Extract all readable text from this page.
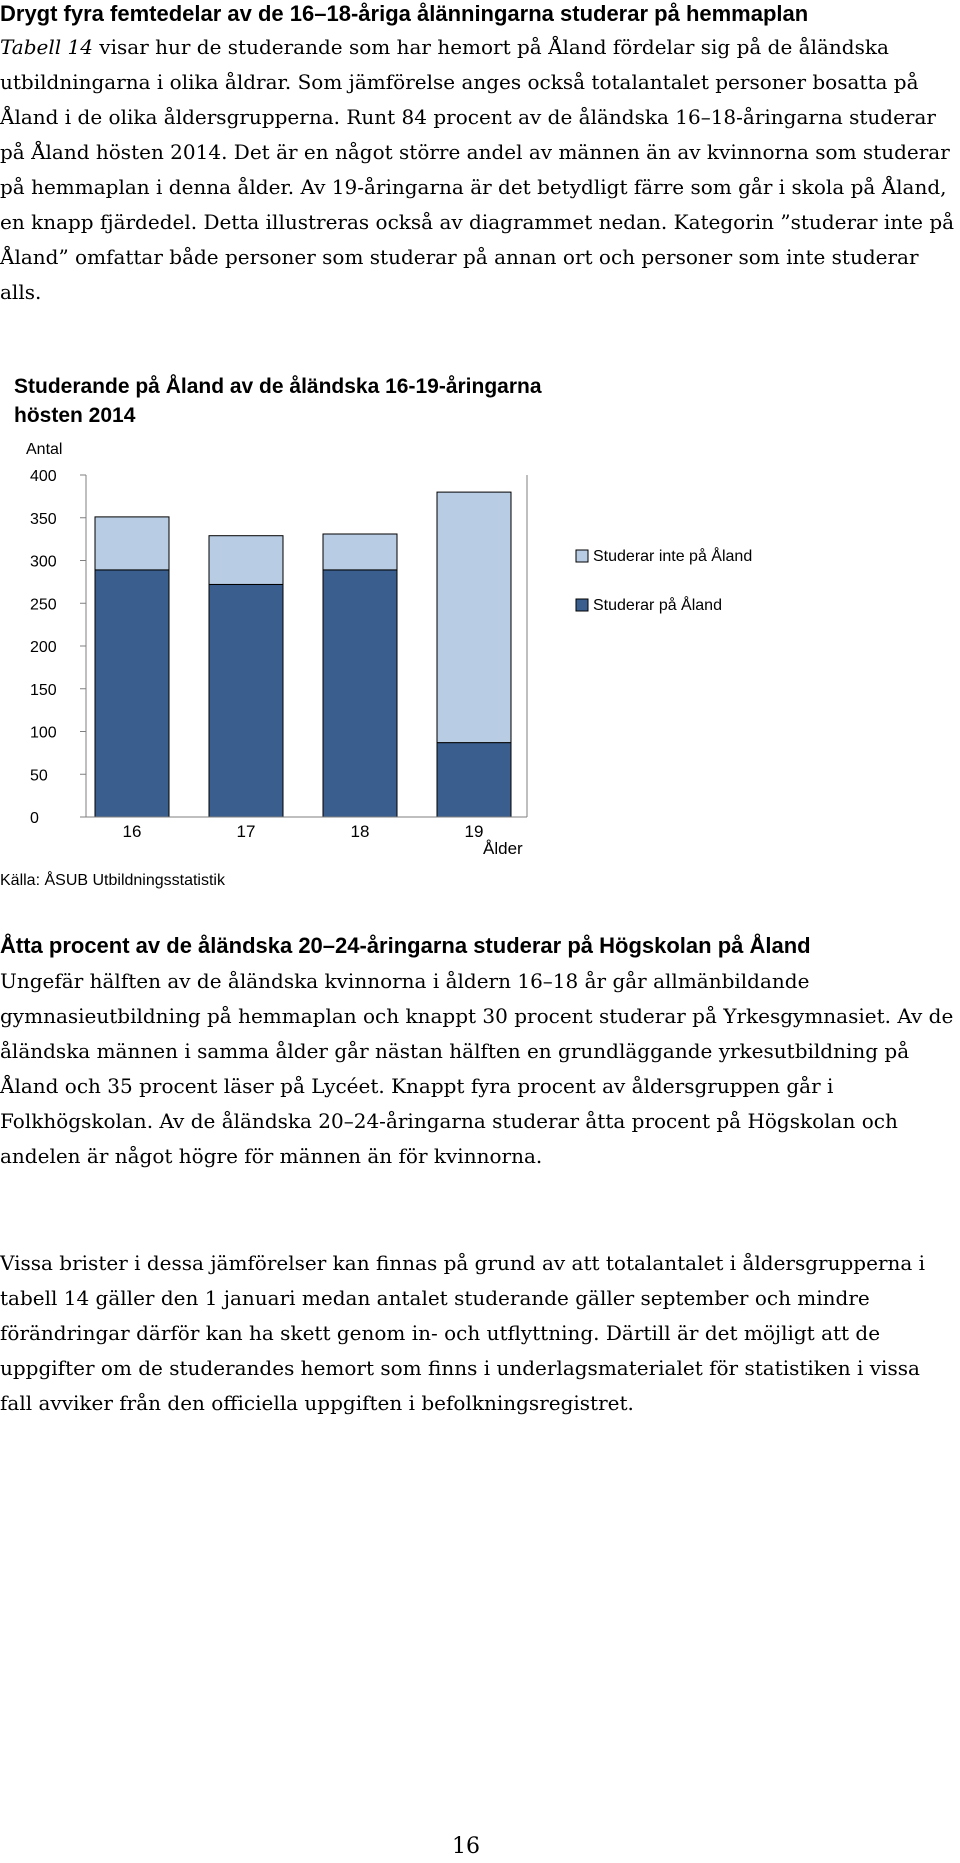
Drygt fyra femtedelar av de 16–18-åriga ålänningarna studerar på hemmaplan
Tabell 14 visar hur de studerande som har hemort på Åland fördelar sig på de åländska utbildningarna i olika åldrar. Som jämförelse anges också totalantalet personer bosatta på Åland i de olika åldersgrupperna. Runt 84 procent av de åländska 16–18-åringarna studerar på Åland hösten 2014. Det är en något större andel av männen än av kvinnorna som studerar på hemmaplan i denna ålder. Av 19-åringarna är det betydligt färre som går i skola på Åland, en knapp fjärdedel. Detta illustreras också av diagrammet nedan. Kategorin ”studerar inte på Åland” omfattar både personer som studerar på annan ort och personer som inte studerar alls.
Studerande på Åland av de åländska 16-19-åringarna hösten 2014
Antal
0
50
100
150
200
250
300
350
400
16	17	18	19
Ålder
Studerar inte på Åland
Studerar på Åland
Källa: ÅSUB Utbildningsstatistik
Åtta procent av de åländska 20–24-åringarna studerar på Högskolan på Åland
Ungefär hälften av de åländska kvinnorna i åldern 16–18 år går allmänbildande gymnasieutbildning på hemmaplan och knappt 30 procent studerar på Yrkesgymnasiet. Av de åländska männen i samma ålder går nästan hälften en grundläggande yrkesutbildning på Åland och 35 procent läser på Lycéet. Knappt fyra procent av åldersgruppen går i Folkhögskolan. Av de åländska 20–24-åringarna studerar åtta procent på Högskolan och andelen är något högre för männen än för kvinnorna.
Vissa brister i dessa jämförelser kan finnas på grund av att totalantalet i åldersgrupperna i tabell 14 gäller den 1 januari medan antalet studerande gäller september och mindre förändringar därför kan ha skett genom in- och utflyttning. Därtill är det möjligt att de uppgifter om de studerandes hemort som finns i underlagsmaterialet för statistiken i vissa fall avviker från den officiella uppgiften i befolkningsregistret.
16
